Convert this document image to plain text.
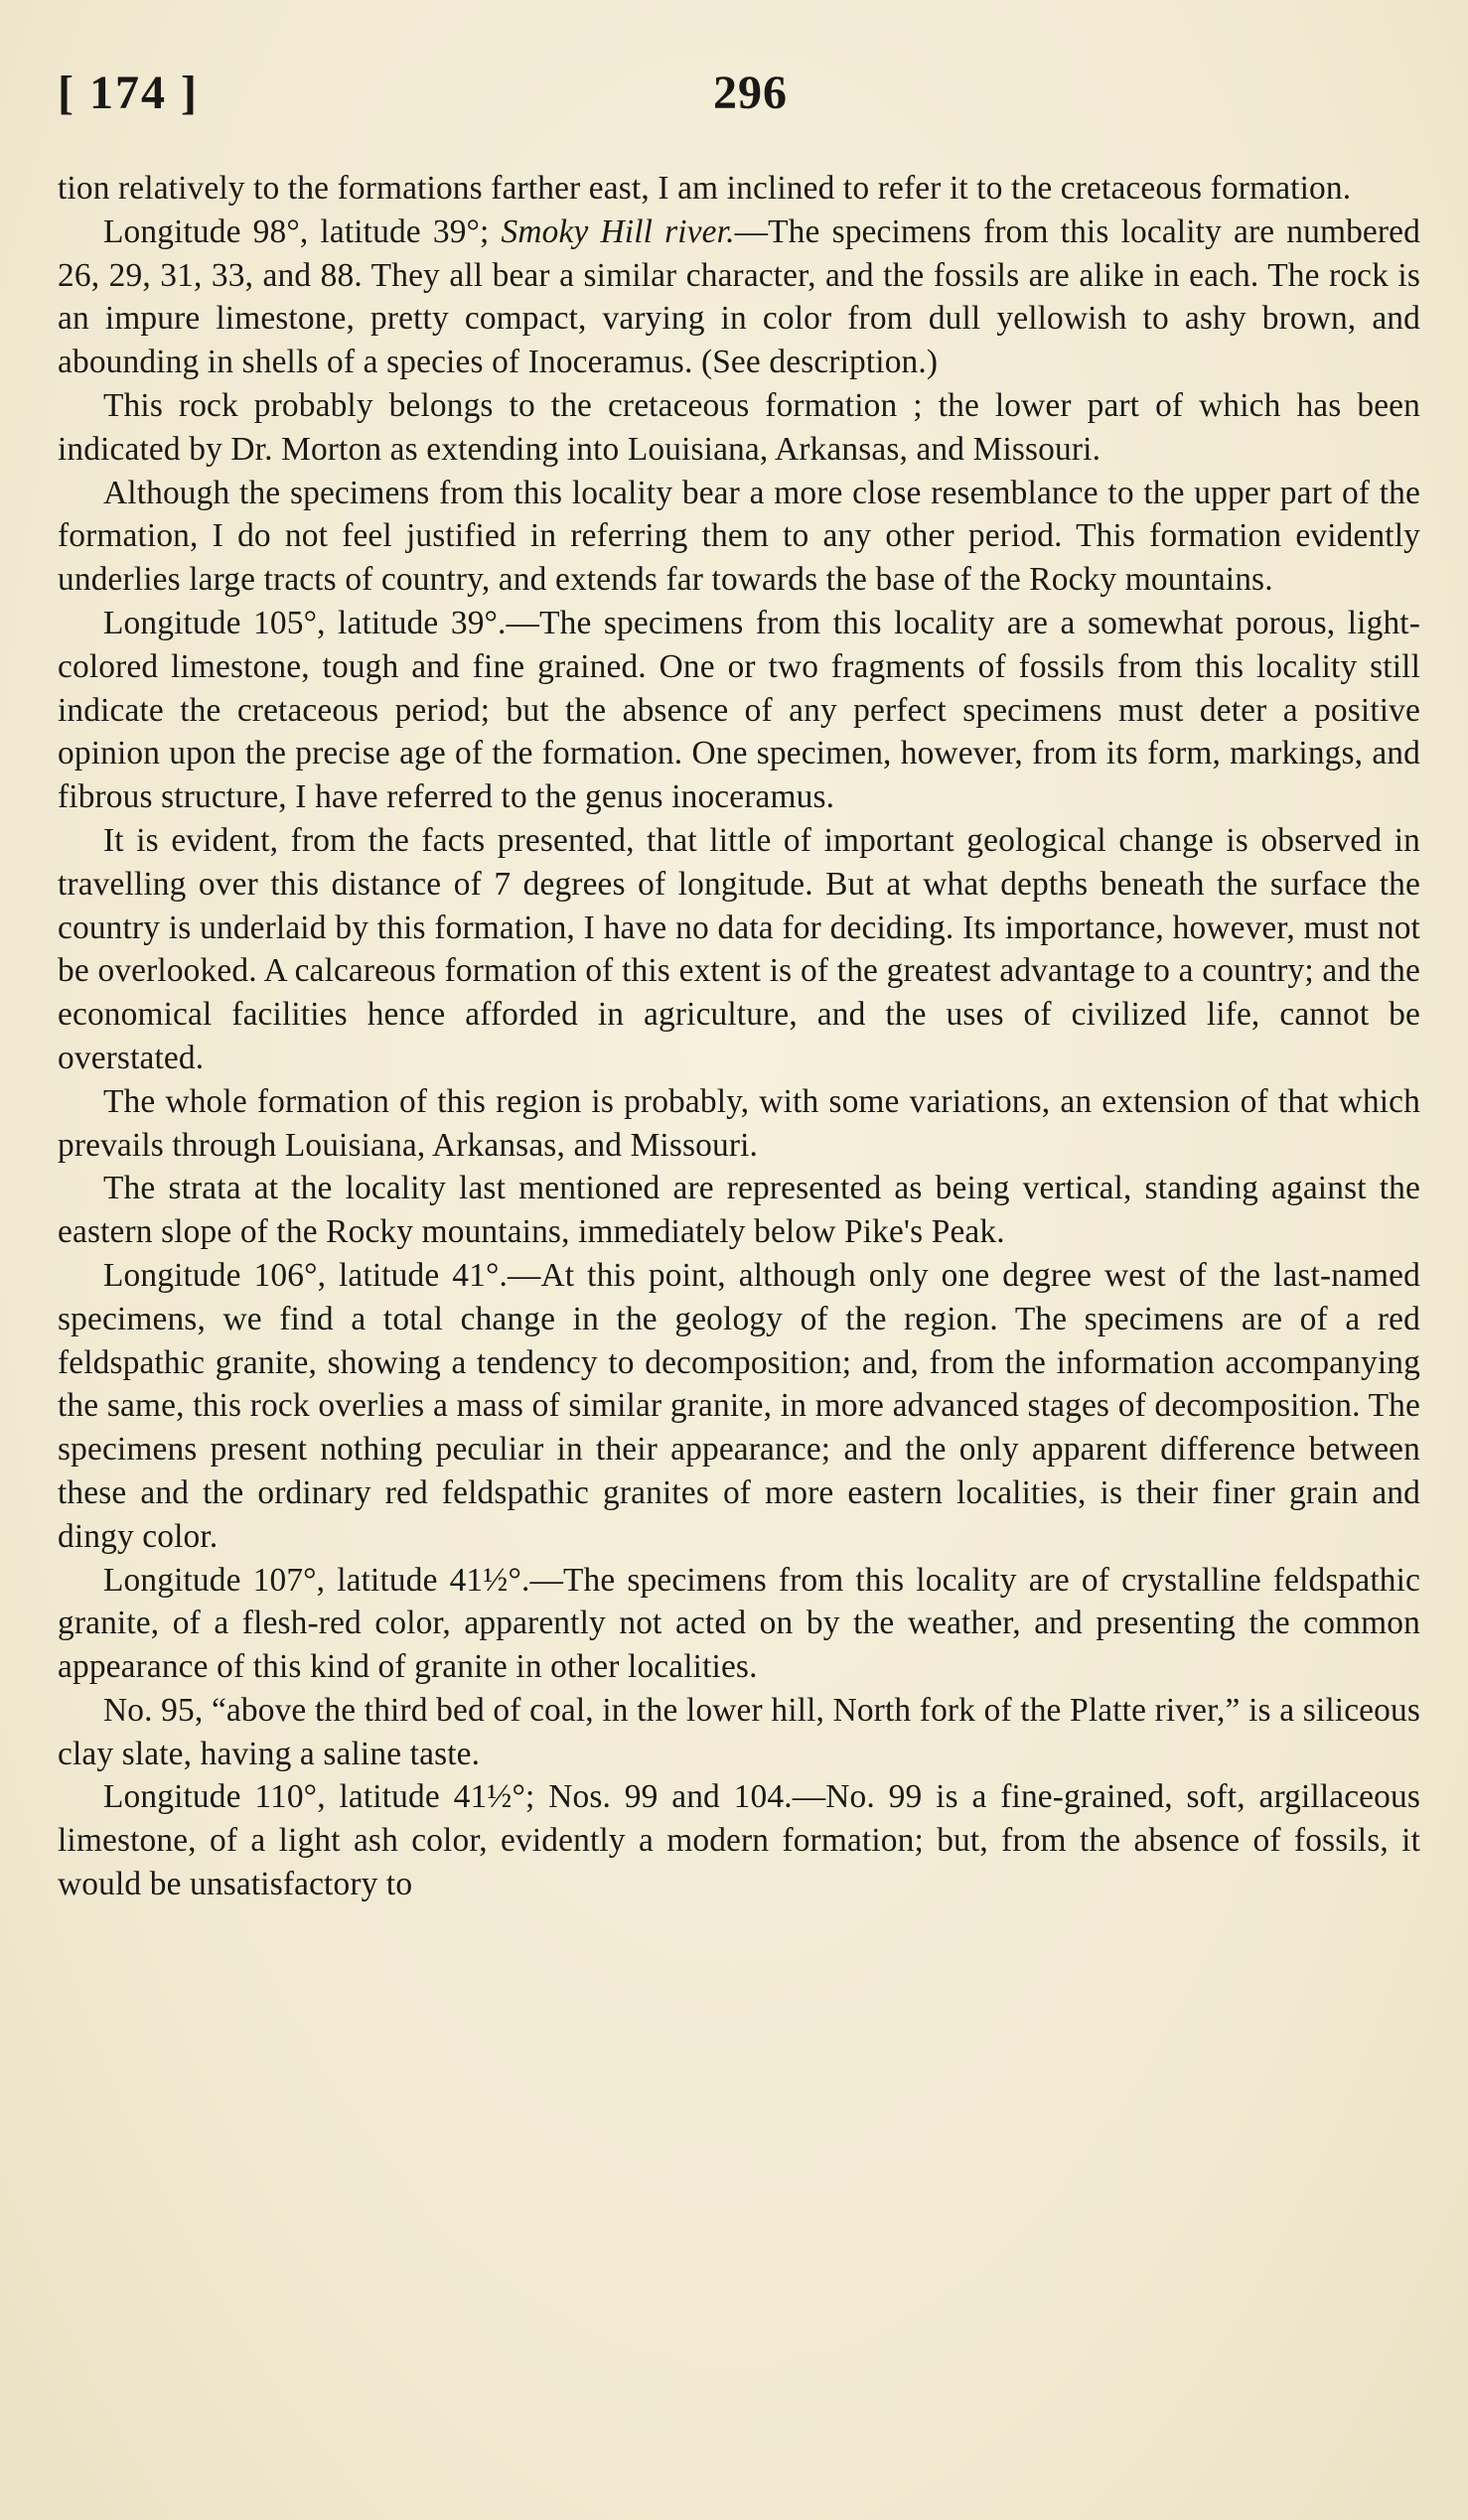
[ 174 ]	296

tion relatively to the formations farther east, I am inclined to refer it to the cretaceous formation.

Longitude 98°, latitude 39°; Smoky Hill river.—The specimens from this locality are numbered 26, 29, 31, 33, and 88. They all bear a similar character, and the fossils are alike in each. The rock is an impure limestone, pretty compact, varying in color from dull yellowish to ashy brown, and abounding in shells of a species of Inoceramus. (See description.)

This rock probably belongs to the cretaceous formation ; the lower part of which has been indicated by Dr. Morton as extending into Louisiana, Arkansas, and Missouri.

Although the specimens from this locality bear a more close resemblance to the upper part of the formation, I do not feel justified in referring them to any other period. This formation evidently underlies large tracts of country, and extends far towards the base of the Rocky mountains.

Longitude 105°, latitude 39°.—The specimens from this locality are a somewhat porous, light-colored limestone, tough and fine grained. One or two fragments of fossils from this locality still indicate the cretaceous period; but the absence of any perfect specimens must deter a positive opinion upon the precise age of the formation. One specimen, however, from its form, markings, and fibrous structure, I have referred to the genus inoceramus.

It is evident, from the facts presented, that little of important geological change is observed in travelling over this distance of 7 degrees of longitude. But at what depths beneath the surface the country is underlaid by this formation, I have no data for deciding. Its importance, however, must not be overlooked. A calcareous formation of this extent is of the greatest advantage to a country; and the economical facilities hence afforded in agriculture, and the uses of civilized life, cannot be overstated.

The whole formation of this region is probably, with some variations, an extension of that which prevails through Louisiana, Arkansas, and Missouri.

The strata at the locality last mentioned are represented as being vertical, standing against the eastern slope of the Rocky mountains, immediately below Pike's Peak.

Longitude 106°, latitude 41°.—At this point, although only one degree west of the last-named specimens, we find a total change in the geology of the region. The specimens are of a red feldspathic granite, showing a tendency to decomposition; and, from the information accompanying the same, this rock overlies a mass of similar granite, in more advanced stages of decomposition. The specimens present nothing peculiar in their appearance; and the only apparent difference between these and the ordinary red feldspathic granites of more eastern localities, is their finer grain and dingy color.

Longitude 107°, latitude 41½°.—The specimens from this locality are of crystalline feldspathic granite, of a flesh-red color, apparently not acted on by the weather, and presenting the common appearance of this kind of granite in other localities.

No. 95, “above the third bed of coal, in the lower hill, North fork of the Platte river,” is a siliceous clay slate, having a saline taste.

Longitude 110°, latitude 41½°; Nos. 99 and 104.—No. 99 is a fine-grained, soft, argillaceous limestone, of a light ash color, evidently a modern formation; but, from the absence of fossils, it would be unsatisfactory to
